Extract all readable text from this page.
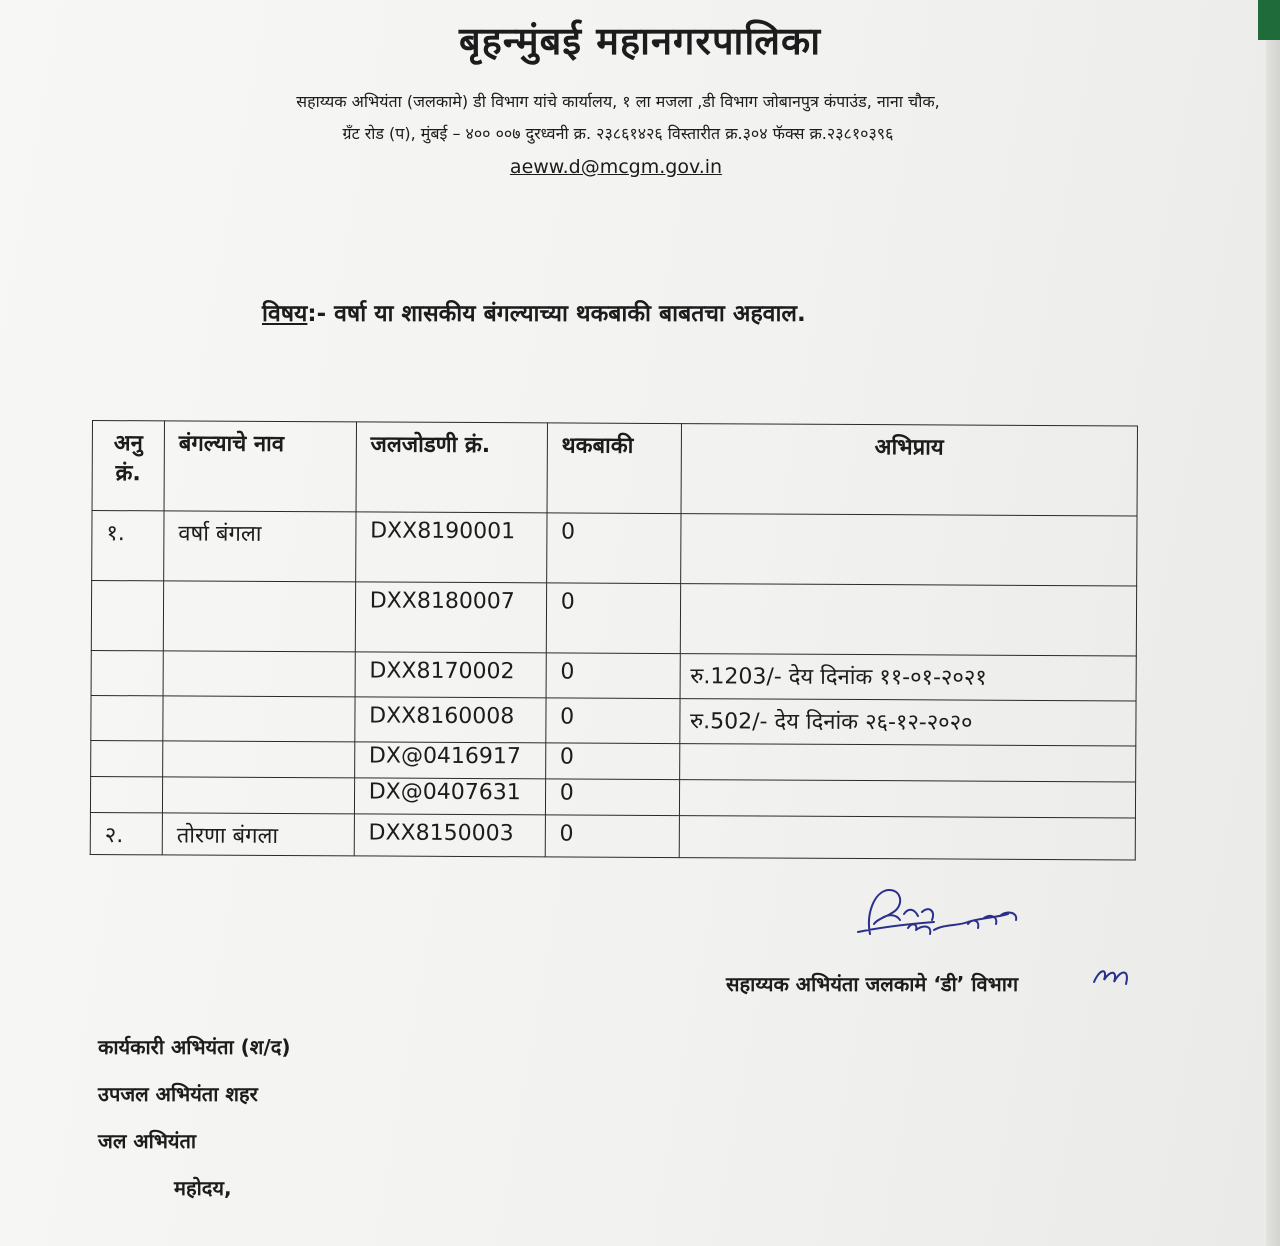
बृहन्मुंबई महानगरपालिका
सहाय्यक अभियंता (जलकामे) डी विभाग यांचे कार्यालय, १ ला मजला ,डी विभाग जोबानपुत्र कंपाउंड, नाना चौक,
ग्रँट रोड (प), मुंबई – ४०० ००७ दुरध्वनी क्र. २३८६१४२६ विस्तारीत क्र.३०४ फॅक्स क्र.२३८१०३९६
aeww.d@mcgm.gov.in
विषय:- वर्षा या शासकीय बंगल्याच्या थकबाकी बाबतचा अहवाल.
अनु
क्रं.	बंगल्याचे नाव	जलजोडणी क्रं.	थकबाकी	अभिप्राय
१.	वर्षा बंगला	DXX8190001	0	
		DXX8180007	0	
		DXX8170002	0	रु.1203/- देय दिनांक ११-०१-२०२१
		DXX8160008	0	रु.502/- देय दिनांक २६-१२-२०२०
		DX@0416917	0	
		DX@0407631	0	
२.	तोरणा बंगला	DXX8150003	0	
सहाय्यक अभियंता जलकामे ‘डी’ विभाग
कार्यकारी अभियंता (श/द)
उपजल अभियंता शहर
जल अभियंता
महोदय,
